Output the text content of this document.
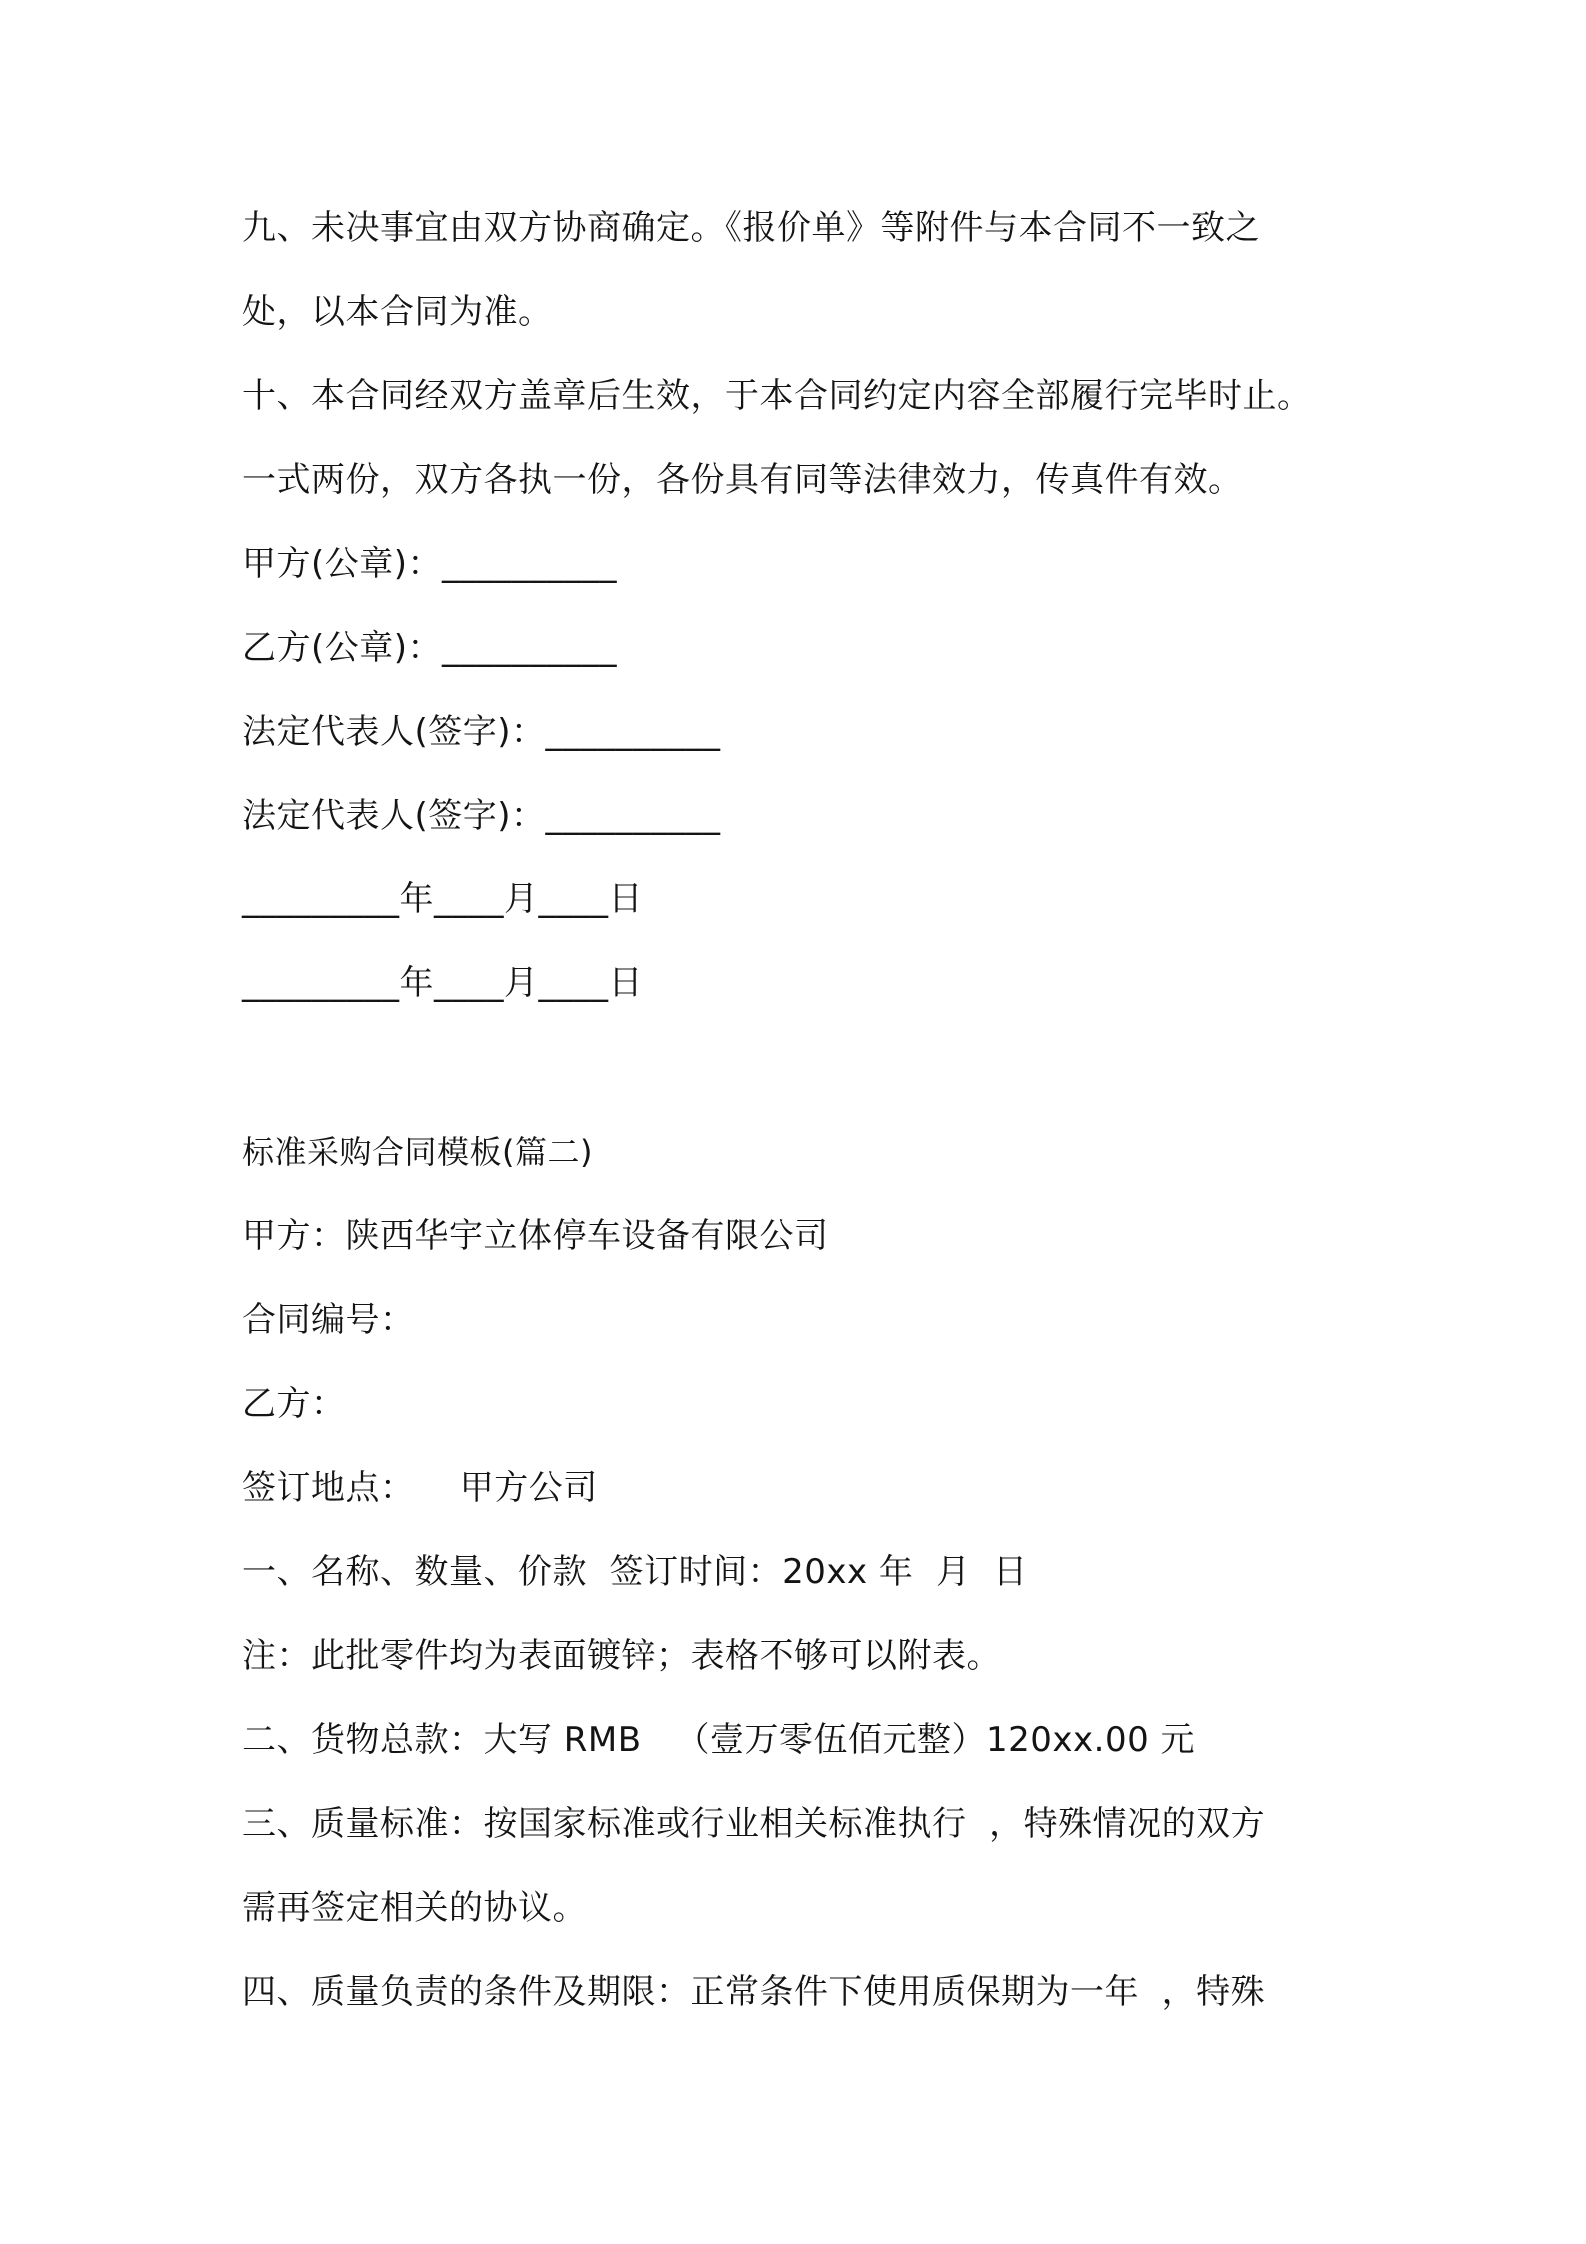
九、未决事宜由双方协商确定。《报价单》等附件与本合同不一致之
处，以本合同为准。
十、本合同经双方盖章后生效，于本合同约定内容全部履行完毕时止。
一式两份，双方各执一份，各份具有同等法律效力，传真件有效。
甲方(公章)：__________
乙方(公章)：__________
法定代表人(签字)：__________
法定代表人(签字)：__________
_________年____月____日
_________年____月____日
标准采购合同模板(篇二)
甲方：陕西华宇立体停车设备有限公司
合同编号：
乙方：
签订地点：    甲方公司
一、名称、数量、价款  签订时间：20xx 年  月  日
注：此批零件均为表面镀锌；表格不够可以附表。
二、货物总款：大写 RMB   （壹万零伍佰元整）120xx.00 元
三、质量标准：按国家标准或行业相关标准执行  ，特殊情况的双方
需再签定相关的协议。
四、质量负责的条件及期限：正常条件下使用质保期为一年  ，特殊
